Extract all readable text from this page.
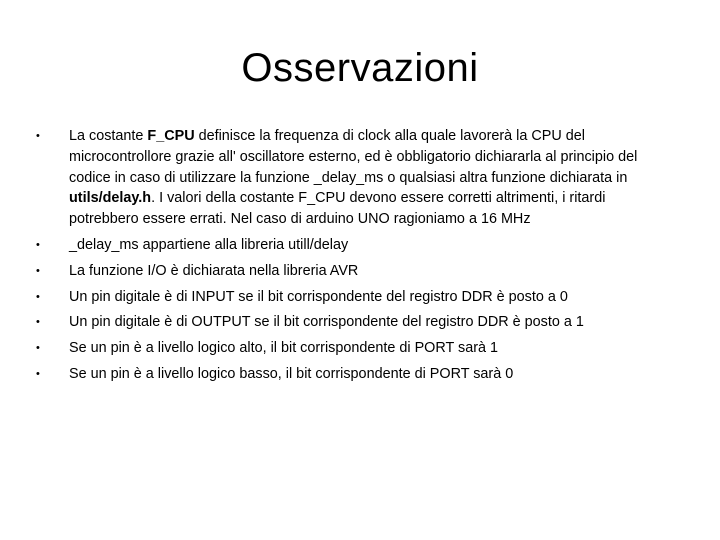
Osservazioni
•	La costante F_CPU definisce la frequenza di clock alla quale lavorerà la CPU del microcontrollore grazie all' oscillatore esterno, ed è obbligatorio dichiararla al principio del codice in caso di utilizzare la funzione _delay_ms o qualsiasi altra funzione dichiarata in utils/delay.h. I valori della costante F_CPU devono essere corretti altrimenti, i ritardi potrebbero essere errati. Nel caso di arduino UNO ragioniamo a 16 MHz
•	_delay_ms appartiene alla libreria utill/delay
•	La funzione I/O è dichiarata nella libreria AVR
•	Un pin digitale è di INPUT se il bit corrispondente del registro DDR è posto a 0
•	Un pin digitale è di OUTPUT se il bit corrispondente del registro DDR è posto a 1
•	Se un pin è a livello logico alto, il bit corrispondente di PORT sarà 1
•	Se un pin è a livello logico basso, il bit corrispondente di PORT sarà 0
